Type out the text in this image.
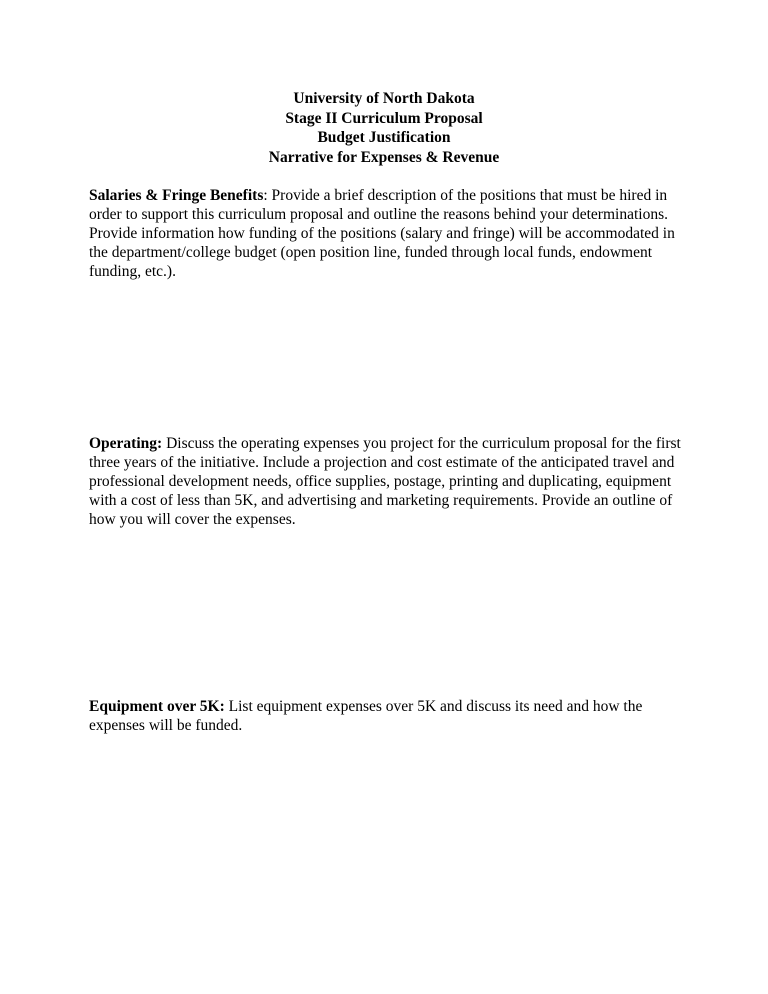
University of North Dakota
Stage II Curriculum Proposal
Budget Justification
Narrative for Expenses & Revenue

Salaries & Fringe Benefits: Provide a brief description of the positions that must be hired in order to support this curriculum proposal and outline the reasons behind your determinations. Provide information how funding of the positions (salary and fringe) will be accommodated in the department/college budget (open position line, funded through local funds, endowment funding, etc.).

Operating: Discuss the operating expenses you project for the curriculum proposal for the first three years of the initiative. Include a projection and cost estimate of the anticipated travel and professional development needs, office supplies, postage, printing and duplicating, equipment with a cost of less than 5K, and advertising and marketing requirements. Provide an outline of how you will cover the expenses.

Equipment over 5K: List equipment expenses over 5K and discuss its need and how the expenses will be funded.
